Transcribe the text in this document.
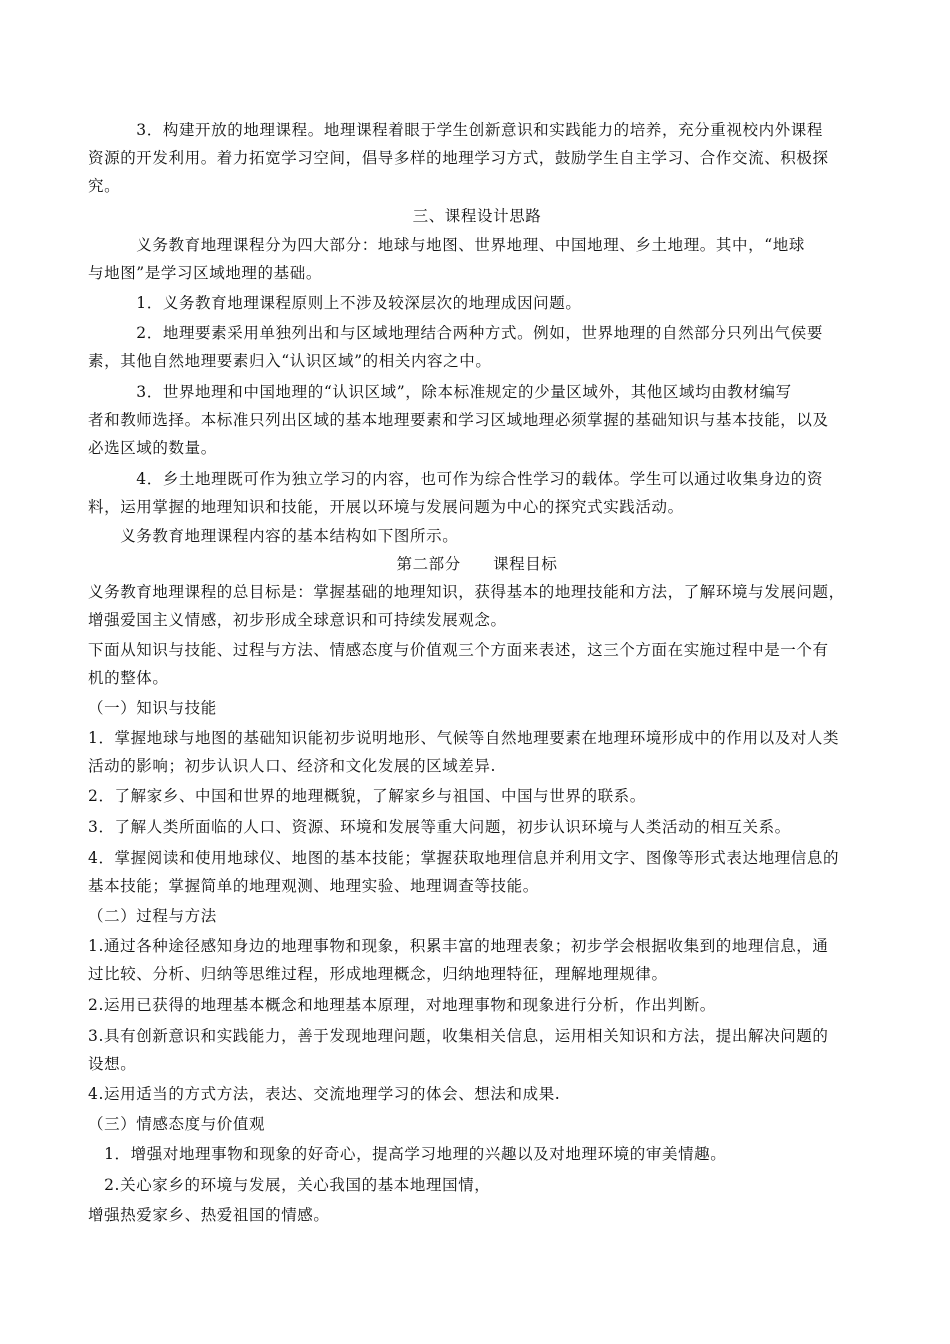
　　　3．构建开放的地理课程。地理课程着眼于学生创新意识和实践能力的培养，充分重视校内外课程
资源的开发利用。着力拓宽学习空间，倡导多样的地理学习方式，鼓励学生自主学习、合作交流、积极探
究。
三、课程设计思路
　　　义务教育地理课程分为四大部分：地球与地图、世界地理、中国地理、乡土地理。其中，“地球
与地图”是学习区域地理的基础。
　　　1．义务教育地理课程原则上不涉及较深层次的地理成因问题。
　　　2．地理要素采用单独列出和与区域地理结合两种方式。例如，世界地理的自然部分只列出气侯要
素，其他自然地理要素归入“认识区域”的相关内容之中。
　　　3．世界地理和中国地理的“认识区域”，除本标准规定的少量区域外，其他区域均由教材编写
者和教师选择。本标准只列出区域的基本地理要素和学习区域地理必须掌握的基础知识与基本技能，以及
必选区域的数量。
　　　4．乡土地理既可作为独立学习的内容，也可作为综合性学习的载体。学生可以通过收集身边的资
料，运用掌握的地理知识和技能，开展以环境与发展问题为中心的探究式实践活动。
　　义务教育地理课程内容的基本结构如下图所示。
第二部分　　课程目标
义务教育地理课程的总目标是：掌握基础的地理知识，获得基本的地理技能和方法，了解环境与发展问题，
增强爱国主义情感，初步形成全球意识和可持续发展观念。
下面从知识与技能、过程与方法、情感态度与价值观三个方面来表述，这三个方面在实施过程中是一个有
机的整体。
（一）知识与技能
1．掌握地球与地图的基础知识能初步说明地形、气候等自然地理要素在地理环境形成中的作用以及对人类
活动的影响；初步认识人口、经济和文化发展的区域差异.
2．了解家乡、中国和世界的地理概貌，了解家乡与祖国、中国与世界的联系。
3．了解人类所面临的人口、资源、环境和发展等重大问题，初步认识环境与人类活动的相互关系。
4．掌握阅读和使用地球仪、地图的基本技能；掌握获取地理信息并利用文字、图像等形式表达地理信息的
基本技能；掌握简单的地理观测、地理实验、地理调查等技能。
（二）过程与方法
1.通过各种途径感知身边的地理事物和现象，积累丰富的地理表象；初步学会根据收集到的地理信息，通
过比较、分析、归纳等思维过程，形成地理概念，归纳地理特征，理解地理规律。
2.运用已获得的地理基本概念和地理基本原理，对地理事物和现象进行分析，作出判断。
3.具有创新意识和实践能力，善于发现地理问题，收集相关信息，运用相关知识和方法，提出解决问题的
设想。
4.运用适当的方式方法，表达、交流地理学习的体会、想法和成果.
（三）情感态度与价值观
　1．增强对地理事物和现象的好奇心，提高学习地理的兴趣以及对地理环境的审美情趣。
　2.关心家乡的环境与发展，关心我国的基本地理国情，
增强热爱家乡、热爱祖国的情感。
